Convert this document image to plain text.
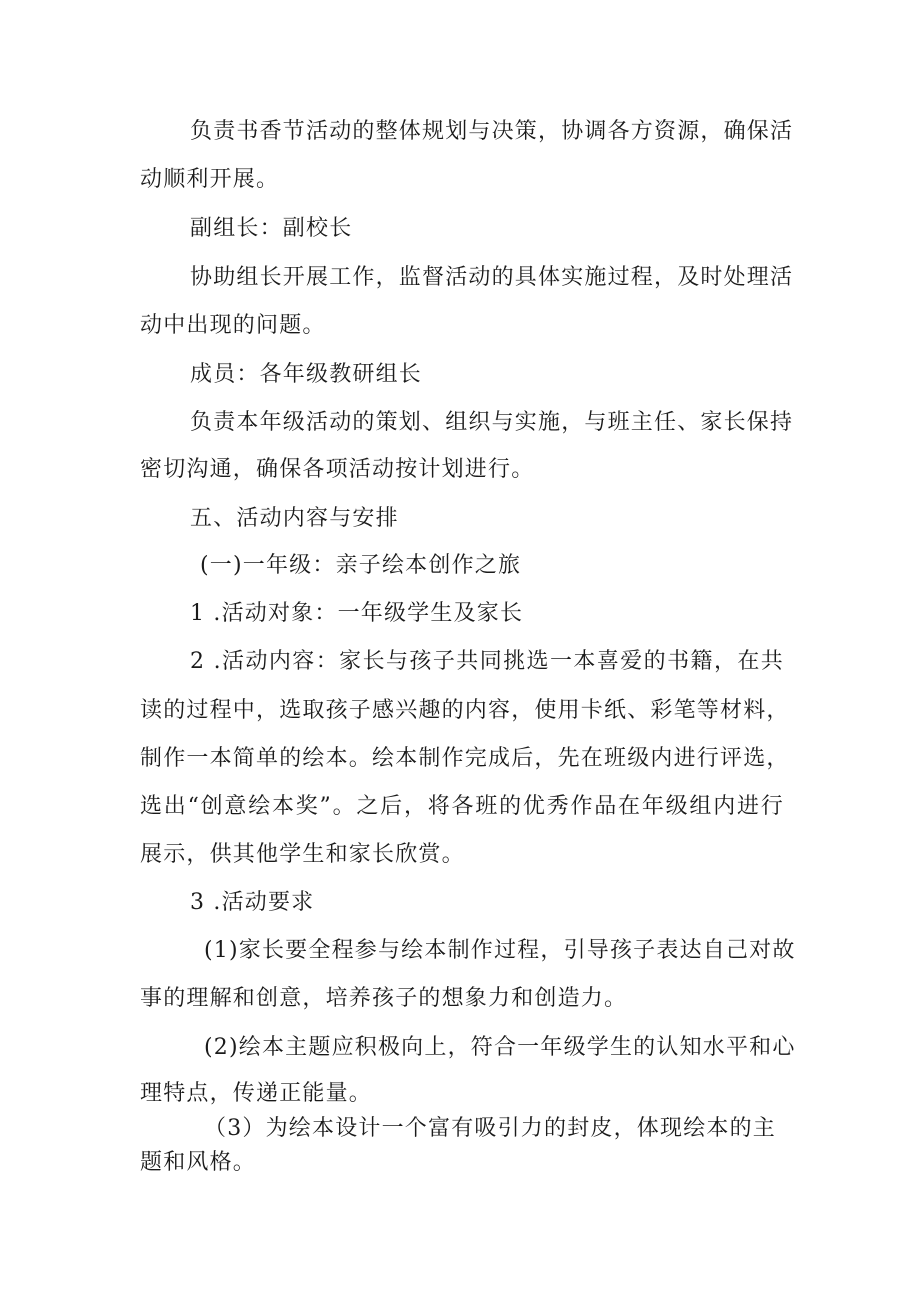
负责书香节活动的整体规划与决策，协调各方资源，确保活
动顺利开展。
副组长：副校长
协助组长开展工作，监督活动的具体实施过程，及时处理活
动中出现的问题。
成员：各年级教研组长
负责本年级活动的策划、组织与实施，与班主任、家长保持
密切沟通，确保各项活动按计划进行。
五、活动内容与安排
(一)一年级：亲子绘本创作之旅
1 .活动对象：一年级学生及家长
2 .活动内容：家长与孩子共同挑选一本喜爱的书籍，在共
读的过程中，选取孩子感兴趣的内容，使用卡纸、彩笔等材料，
制作一本简单的绘本。绘本制作完成后，先在班级内进行评选，
选出“创意绘本奖”。之后，将各班的优秀作品在年级组内进行
展示，供其他学生和家长欣赏。
3 .活动要求
(1)家长要全程参与绘本制作过程，引导孩子表达自己对故
事的理解和创意，培养孩子的想象力和创造力。
(2)绘本主题应积极向上，符合一年级学生的认知水平和心
理特点，传递正能量。
（3）为绘本设计一个富有吸引力的封皮，体现绘本的主
题和风格。
